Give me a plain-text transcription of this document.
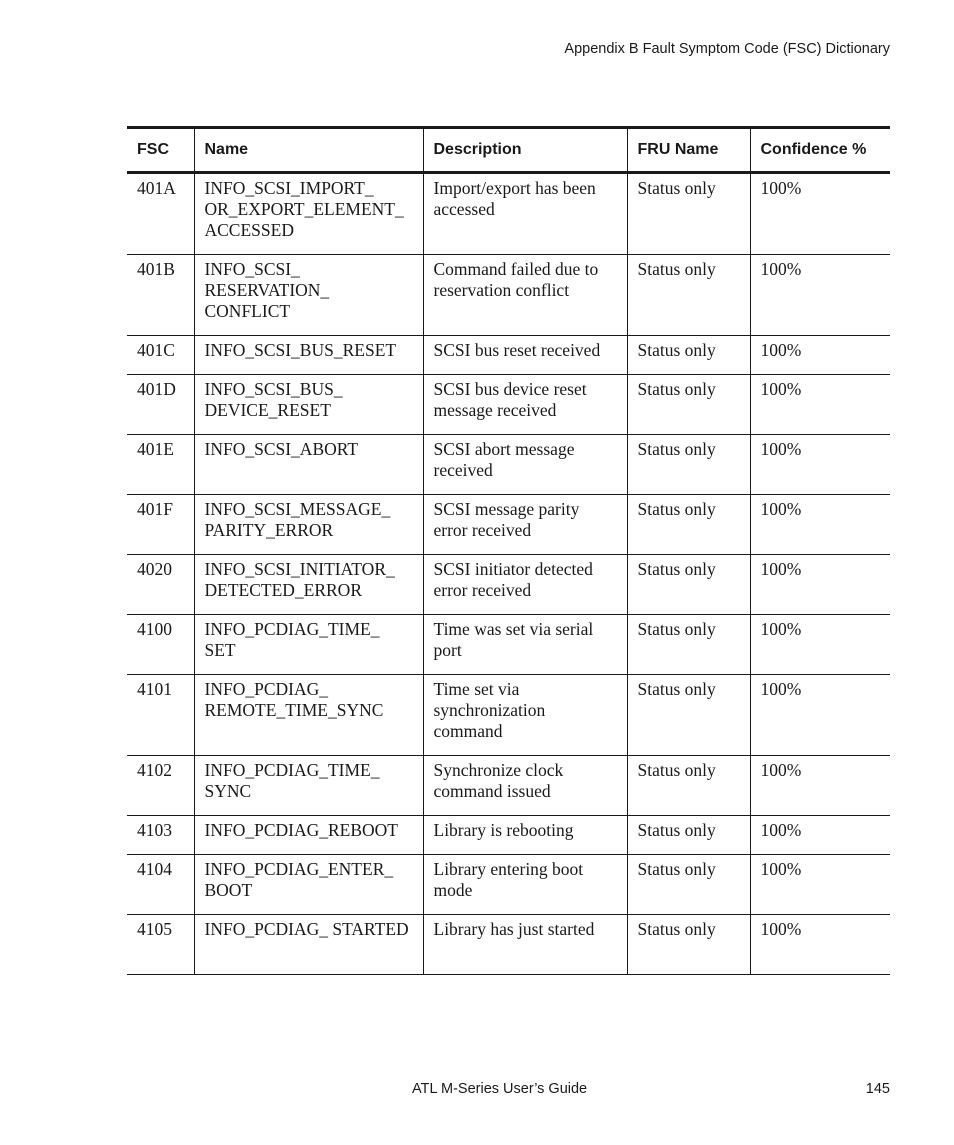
Appendix B Fault Symptom Code (FSC) Dictionary
FSC	Name	Description	FRU Name	Confidence %
401A	INFO_SCSI_IMPORT_ OR_EXPORT_ELEMENT_ ACCESSED	Import/export has been accessed	Status only	100%
401B	INFO_SCSI_ RESERVATION_ CONFLICT	Command failed due to reservation conflict	Status only	100%
401C	INFO_SCSI_BUS_RESET	SCSI bus reset received	Status only	100%
401D	INFO_SCSI_BUS_ DEVICE_RESET	SCSI bus device reset message received	Status only	100%
401E	INFO_SCSI_ABORT	SCSI abort message received	Status only	100%
401F	INFO_SCSI_MESSAGE_ PARITY_ERROR	SCSI message parity error received	Status only	100%
4020	INFO_SCSI_INITIATOR_ DETECTED_ERROR	SCSI initiator detected error received	Status only	100%
4100	INFO_PCDIAG_TIME_ SET	Time was set via serial port	Status only	100%
4101	INFO_PCDIAG_ REMOTE_TIME_SYNC	Time set via synchronization command	Status only	100%
4102	INFO_PCDIAG_TIME_ SYNC	Synchronize clock command issued	Status only	100%
4103	INFO_PCDIAG_REBOOT	Library is rebooting	Status only	100%
4104	INFO_PCDIAG_ENTER_ BOOT	Library entering boot mode	Status only	100%
4105	INFO_PCDIAG_ STARTED	Library has just started	Status only	100%
ATL M-Series User’s Guide	145
